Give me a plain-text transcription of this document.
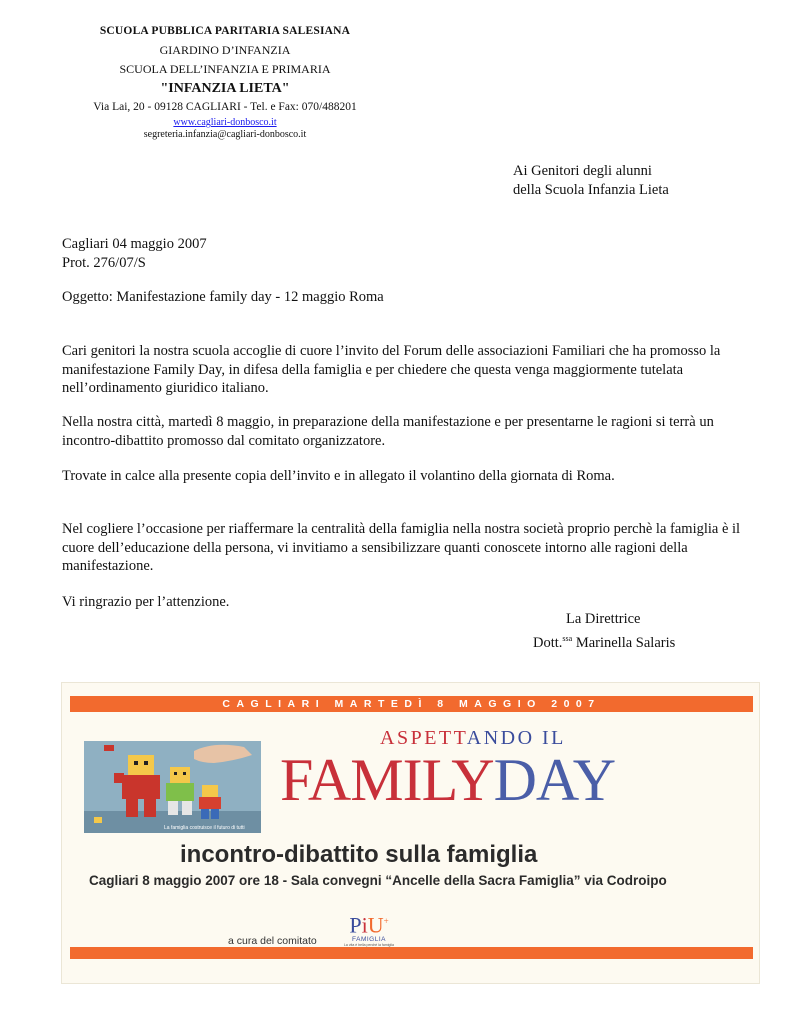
SCUOLA PUBBLICA PARITARIA SALESIANA
GIARDINO D’INFANZIA
SCUOLA DELL’INFANZIA E PRIMARIA
"INFANZIA LIETA"
Via Lai, 20 - 09128 CAGLIARI - Tel. e Fax: 070/488201
www.cagliari-donbosco.it
segreteria.infanzia@cagliari-donbosco.it
Ai Genitori degli alunni
della Scuola Infanzia Lieta
Cagliari 04 maggio 2007
Prot. 276/07/S
Oggetto: Manifestazione family day - 12 maggio Roma
Cari genitori la nostra scuola accoglie di cuore l’invito del Forum delle associazioni Familiari che ha promosso la manifestazione Family Day, in difesa della famiglia e per chiedere che questa venga maggiormente tutelata nell’ordinamento giuridico italiano.
Nella nostra città, martedì 8 maggio, in preparazione della manifestazione e per presentarne le ragioni si terrà un incontro-dibattito promosso dal comitato organizzatore.
Trovate in calce alla presente copia dell’invito e in allegato il volantino della giornata di Roma.
Nel cogliere l’occasione per riaffermare la centralità della famiglia nella nostra società proprio perchè la famiglia è il cuore dell’educazione della persona, vi invitiamo a sensibilizzare quanti conoscete intorno alle ragioni della manifestazione.
Vi ringrazio per l’attenzione.
La Direttrice
Dott.$^{ssa}$ Marinella Salaris
CAGLIARI MARTEDÌ 8 MAGGIO 2007
La famiglia costruisce il futuro di tutti
ASPETTANDO IL
FAMILYDAY
incontro-dibattito sulla famiglia
Cagliari 8 maggio 2007 ore 18 - Sala convegni “Ancelle della Sacra Famiglia” via Codroipo
a cura del comitato
PiU+
FAMIGLIA
La vita è bella perché la famiglia
